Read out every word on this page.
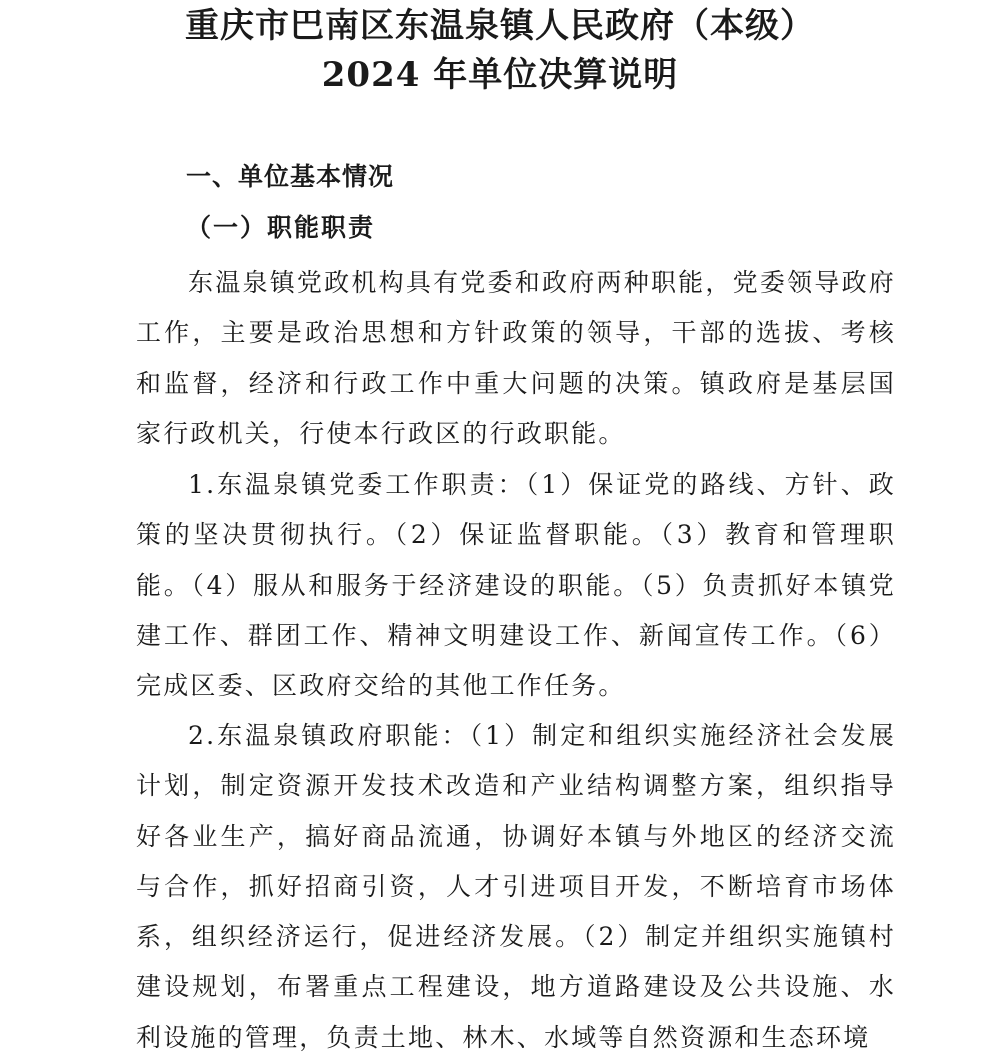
重庆市巴南区东温泉镇人民政府（本级）
2024 年单位决算说明
一、单位基本情况
（一）职能职责

东温泉镇党政机构具有党委和政府两种职能，党委领导政府工作，主要是政治思想和方针政策的领导，干部的选拔、考核和监督，经济和行政工作中重大问题的决策。镇政府是基层国家行政机关，行使本行政区的行政职能。

1.东温泉镇党委工作职责：（1）保证党的路线、方针、政策的坚决贯彻执行。（2）保证监督职能。（3）教育和管理职能。（4）服从和服务于经济建设的职能。（5）负责抓好本镇党建工作、群团工作、精神文明建设工作、新闻宣传工作。（6）完成区委、区政府交给的其他工作任务。

2.东温泉镇政府职能：（1）制定和组织实施经济社会发展计划，制定资源开发技术改造和产业结构调整方案，组织指导好各业生产，搞好商品流通，协调好本镇与外地区的经济交流与合作，抓好招商引资，人才引进项目开发，不断培育市场体系，组织经济运行，促进经济发展。（2）制定并组织实施镇村建设规划，布署重点工程建设，地方道路建设及公共设施、水利设施的管理，负责土地、林木、水域等自然资源和生态环境
